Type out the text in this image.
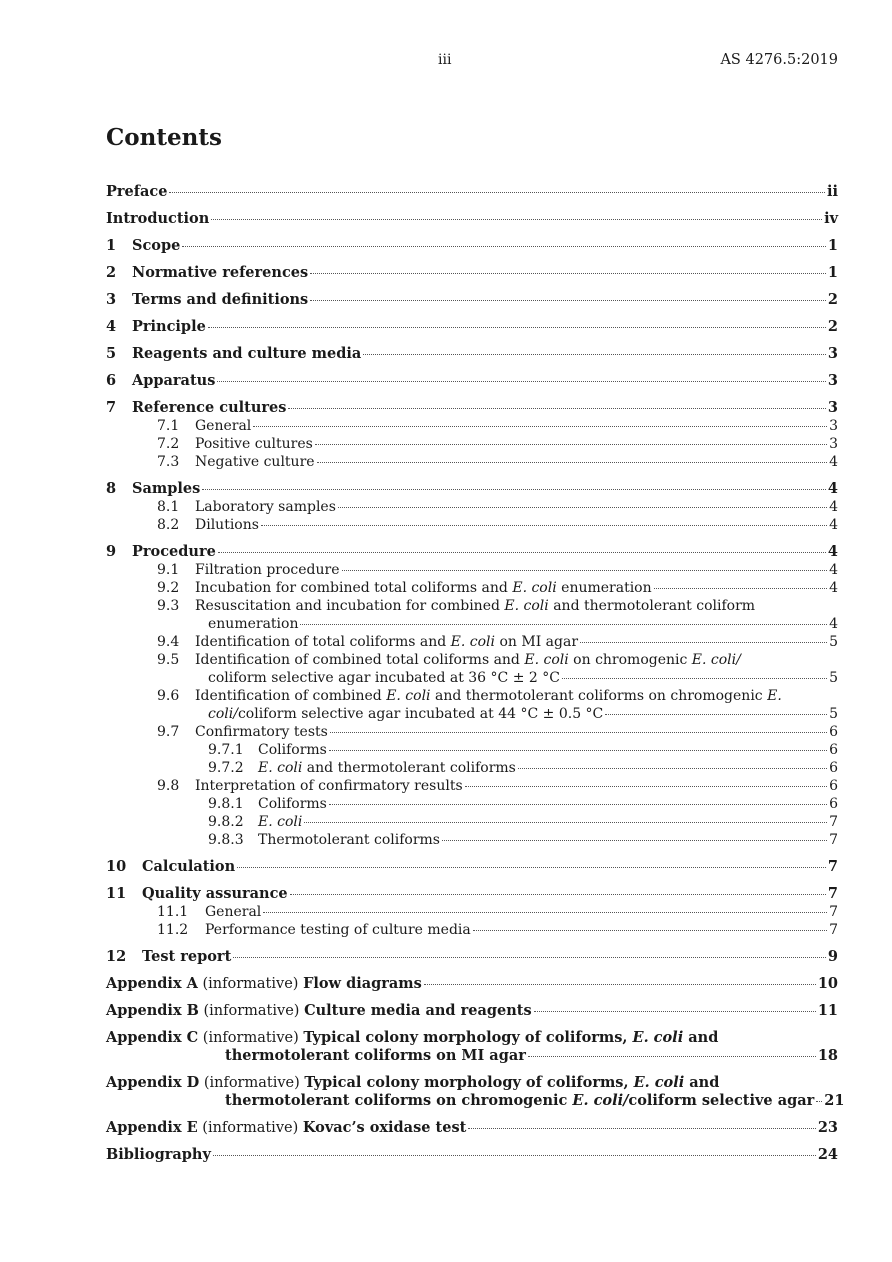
iii	AS 4276.5:2019
Contents
Preface	ii
Introduction	iv
1	Scope	1
2	Normative references	1
3	Terms and definitions	2
4	Principle	2
5	Reagents and culture media	3
6	Apparatus	3
7	Reference cultures	3
7.1	General	3
7.2	Positive cultures	3
7.3	Negative culture	4
8	Samples	4
8.1	Laboratory samples	4
8.2	Dilutions	4
9	Procedure	4
9.1	Filtration procedure	4
9.2	Incubation for combined total coliforms and E. coli enumeration	4
9.3	Resuscitation and incubation for combined E. coli and thermotolerant coliform
enumeration	4
9.4	Identification of total coliforms and E. coli on MI agar	5
9.5	Identification of combined total coliforms and E. coli on chromogenic E. coli/
coliform selective agar incubated at 36 °C ± 2 °C	5
9.6	Identification of combined E. coli and thermotolerant coliforms on chromogenic E.
coli/coliform selective agar incubated at 44 °C ± 0.5 °C	5
9.7	Confirmatory tests	6
9.7.1	Coliforms	6
9.7.2	E. coli and thermotolerant coliforms	6
9.8	Interpretation of confirmatory results	6
9.8.1	Coliforms	6
9.8.2	E. coli	7
9.8.3	Thermotolerant coliforms	7
10	Calculation	7
11	Quality assurance	7
11.1	General	7
11.2	Performance testing of culture media	7
12	Test report	9
Appendix A (informative) Flow diagrams	10
Appendix B (informative) Culture media and reagents	11
Appendix C (informative) Typical colony morphology of coliforms, E. coli and
thermotolerant coliforms on MI agar	18
Appendix D (informative) Typical colony morphology of coliforms, E. coli and
thermotolerant coliforms on chromogenic E. coli/coliform selective agar 21
Appendix E (informative) Kovac’s oxidase test	23
Bibliography	24
